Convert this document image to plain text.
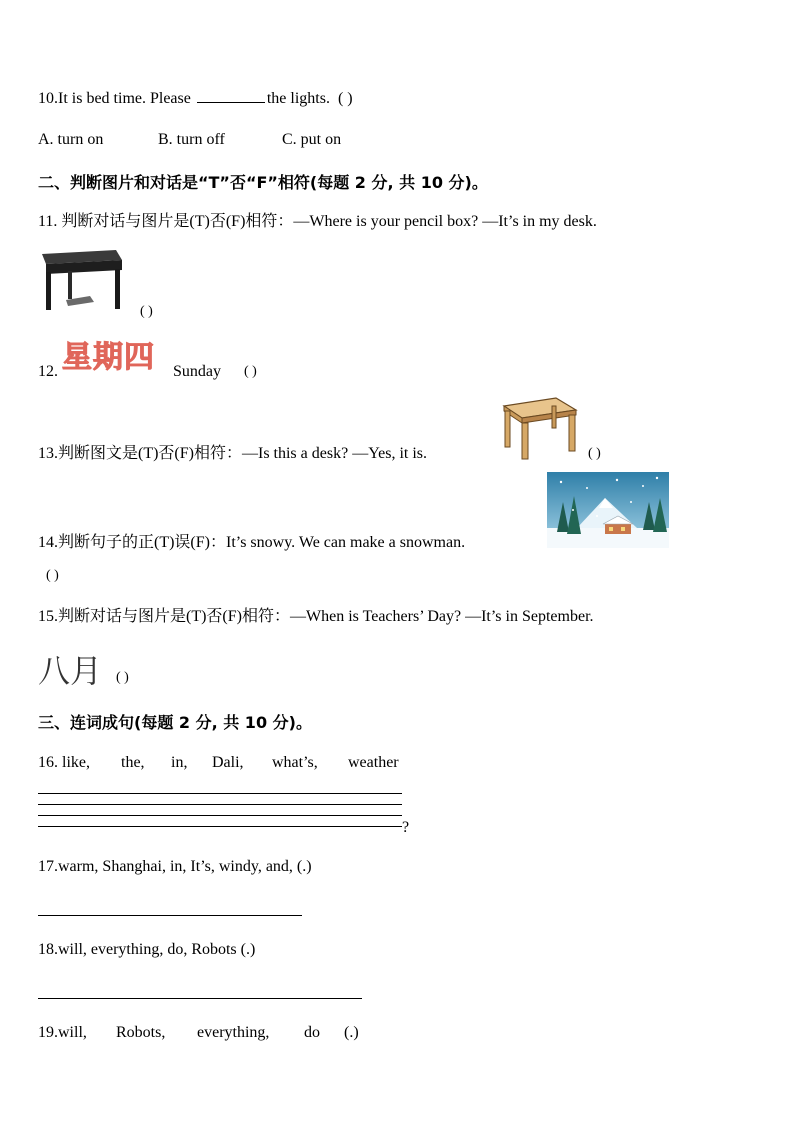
10.It is bed time. Please	the lights. ( )
A. turn on	B. turn off	C. put on
二、判断图片和对话是“T”否“F”相符(每题 2 分, 共 10 分)。
11. 判断对话与图片是(T)否(F)相符：—Where is your pencil box? —It’s in my desk.
( )
12. 星期四 Sunday ( )
13.判断图文是(T)否(F)相符：—Is this a desk? —Yes, it is.	( )
14.判断句子的正(T)误(F)：It’s snowy. We can make a snowman.
( )
15.判断对话与图片是(T)否(F)相符：—When is Teachers’ Day? —It’s in September.
八月 ( )
三、连词成句(每题 2 分, 共 10 分)。
16. like, the, in, Dali, what’s, weather
?
17.warm, Shanghai, in, It’s, windy, and, (.)
18.will, everything, do, Robots (.)
19.will, Robots, everything, do (.)
